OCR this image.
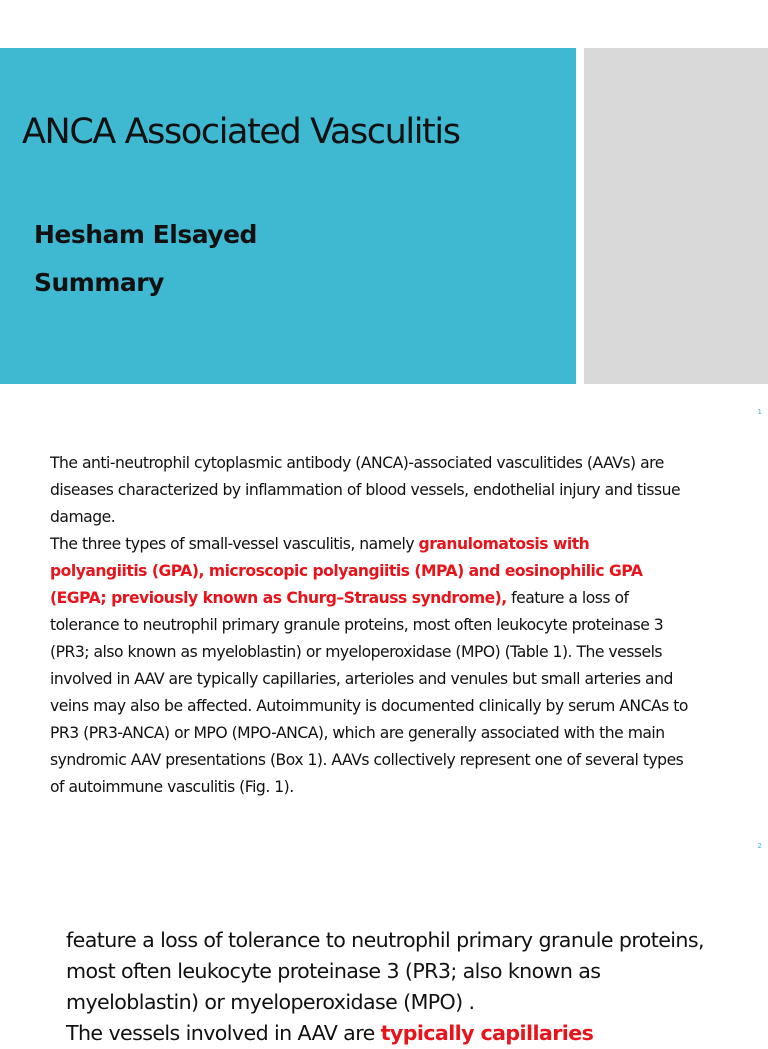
ANCA Associated Vasculitis

Hesham Elsayed

Summary

1

The anti-neutrophil cytoplasmic antibody (ANCA)-associated vasculitides (AAVs) are diseases characterized by inflammation of blood vessels, endothelial injury and tissue damage.
The three types of small-vessel vasculitis, namely granulomatosis with polyangiitis (GPA), microscopic polyangiitis (MPA) and eosinophilic GPA (EGPA; previously known as Churg–Strauss syndrome), feature a loss of tolerance to neutrophil primary granule proteins, most often leukocyte proteinase 3 (PR3; also known as myeloblastin) or myeloperoxidase (MPO) (Table 1). The vessels involved in AAV are typically capillaries, arterioles and venules but small arteries and veins may also be affected. Autoimmunity is documented clinically by serum ANCAs to PR3 (PR3-ANCA) or MPO (MPO-ANCA), which are generally associated with the main syndromic AAV presentations (Box 1). AAVs collectively represent one of several types of autoimmune vasculitis (Fig. 1).

2

feature a loss of tolerance to neutrophil primary granule proteins, most often leukocyte proteinase 3 (PR3; also known as myeloblastin) or myeloperoxidase (MPO) .
The vessels involved in AAV are typically capillaries
